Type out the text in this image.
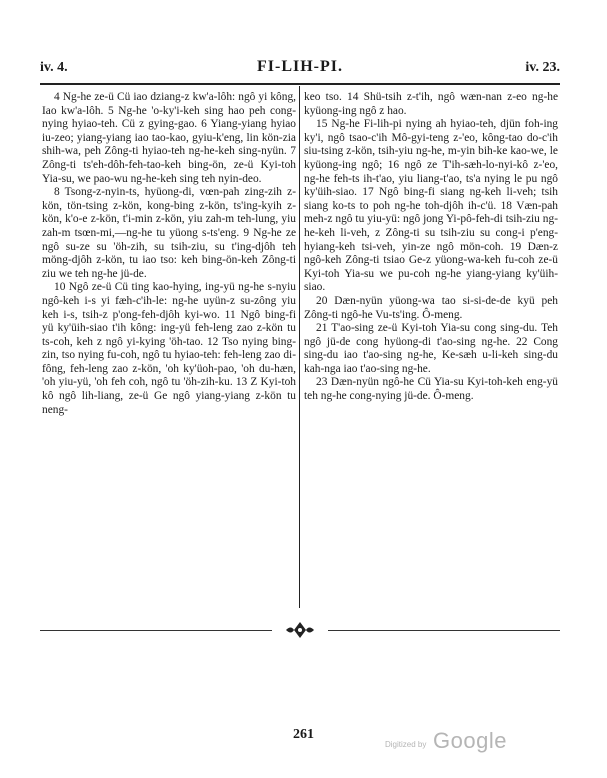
iv. 4.	FI-LIH-PI.	iv. 23.

4 Ng-he ze-ü Cü iao dziang-z kw'a-lôh: ngô yi kông, Iao kw'a-lôh. 5 Ng-he 'o-ky'i-keh sing hao peh cong-nying hyiao-teh. Cü z gying-gao. 6 Yiang-yiang hyiao iu-zeo; yiang-yiang iao tao-kao, gyiu-k'eng, lin kön-zia shih-wa, peh Zông-ti hyiao-teh ng-he-keh sing-nyün. 7 Zông-ti ts'eh-dôh-feh-tao-keh bing-ön, ze-ü Kyi-toh Yia-su, we pao-wu ng-he-keh sing teh nyin-deo.

8 Tsong-z-nyin-ts, hyüong-di, vœn-pah zing-zih z-kön, tön-tsing z-kön, kong-bing z-kön, ts'ing-kyih z-kön, k'o-e z-kön, t'i-min z-kön, yiu zah-m teh-lung, yiu zah-m tsœn-mi,—ng-he tu yüong s-ts'eng. 9 Ng-he ze ngô su-ze su 'öh-zih, su tsih-ziu, su t'ing-djôh teh möng-djôh z-kön, tu iao tso: keh bing-ön-keh Zông-ti ziu we teh ng-he jü-de.

10 Ngô ze-ü Cü ting kao-hying, ing-yü ng-he s-nyiu ngô-keh i-s yi fæh-c'ih-le: ng-he uyün-z su-zông yiu keh i-s, tsih-z p'ong-feh-djôh kyi-wo. 11 Ngô bing-fi yü ky'üih-siao t'ih kông: ing-yü feh-leng zao z-kön tu ts-coh, keh z ngô yi-kying 'öh-tao. 12 Tso nying bing-zin, tso nying fu-coh, ngô tu hyiao-teh: feh-leng zao di-fông, feh-leng zao z-kön, 'oh ky'üoh-pao, 'oh du-hæn, 'oh yiu-yü, 'oh feh coh, ngô tu 'öh-zih-ku. 13 Z Kyi-toh kô ngô lih-liang, ze-ü Ge ngô yiang-yiang z-kön tu neng-

keo tso. 14 Shü-tsih z-t'ih, ngô wæn-nan z-eo ng-he kyüong-ing ngô z hao.

15 Ng-he Fi-lih-pi nying ah hyiao-teh, djün foh-ing ky'i, ngô tsao-c'ih Mô-gyi-teng z-'eo, kông-tao do-c'ih siu-tsing z-kön, tsih-yiu ng-he, m-yin bih-ke kao-we, le kyüong-ing ngô; 16 ngô ze T'ih-sæh-lo-nyi-kô z-'eo, ng-he feh-ts ih-t'ao, yiu liang-t'ao, ts'a nying le pu ngô ky'üih-siao. 17 Ngô bing-fi siang ng-keh li-veh; tsih siang ko-ts to poh ng-he toh-djôh ih-c'ü. 18 Væn-pah meh-z ngô tu yiu-yü: ngô jong Yi-pô-feh-di tsih-ziu ng-he-keh li-veh, z Zông-ti su tsih-ziu su cong-i p'eng-hyiang-keh tsi-veh, yin-ze ngô mön-coh. 19 Dæn-z ngô-keh Zông-ti tsiao Ge-z yüong-wa-keh fu-coh ze-ü Kyi-toh Yia-su we pu-coh ng-he yiang-yiang ky'üih-siao.

20 Dæn-nyün yüong-wa tao si-si-de-de kyü peh Zông-ti ngô-he Vu-ts'ing. Ô-meng.

21 T'ao-sing ze-ü Kyi-toh Yia-su cong sing-du. Teh ngô jü-de cong hyüong-di t'ao-sing ng-he. 22 Cong sing-du iao t'ao-sing ng-he, Ke-sæh u-li-keh sing-du kah-nga iao t'ao-sing ng-he.

23 Dæn-nyün ngô-he Cü Yia-su Kyi-toh-keh eng-yü teh ng-he cong-nying jü-de. Ô-meng.

261
Digitized by Google
